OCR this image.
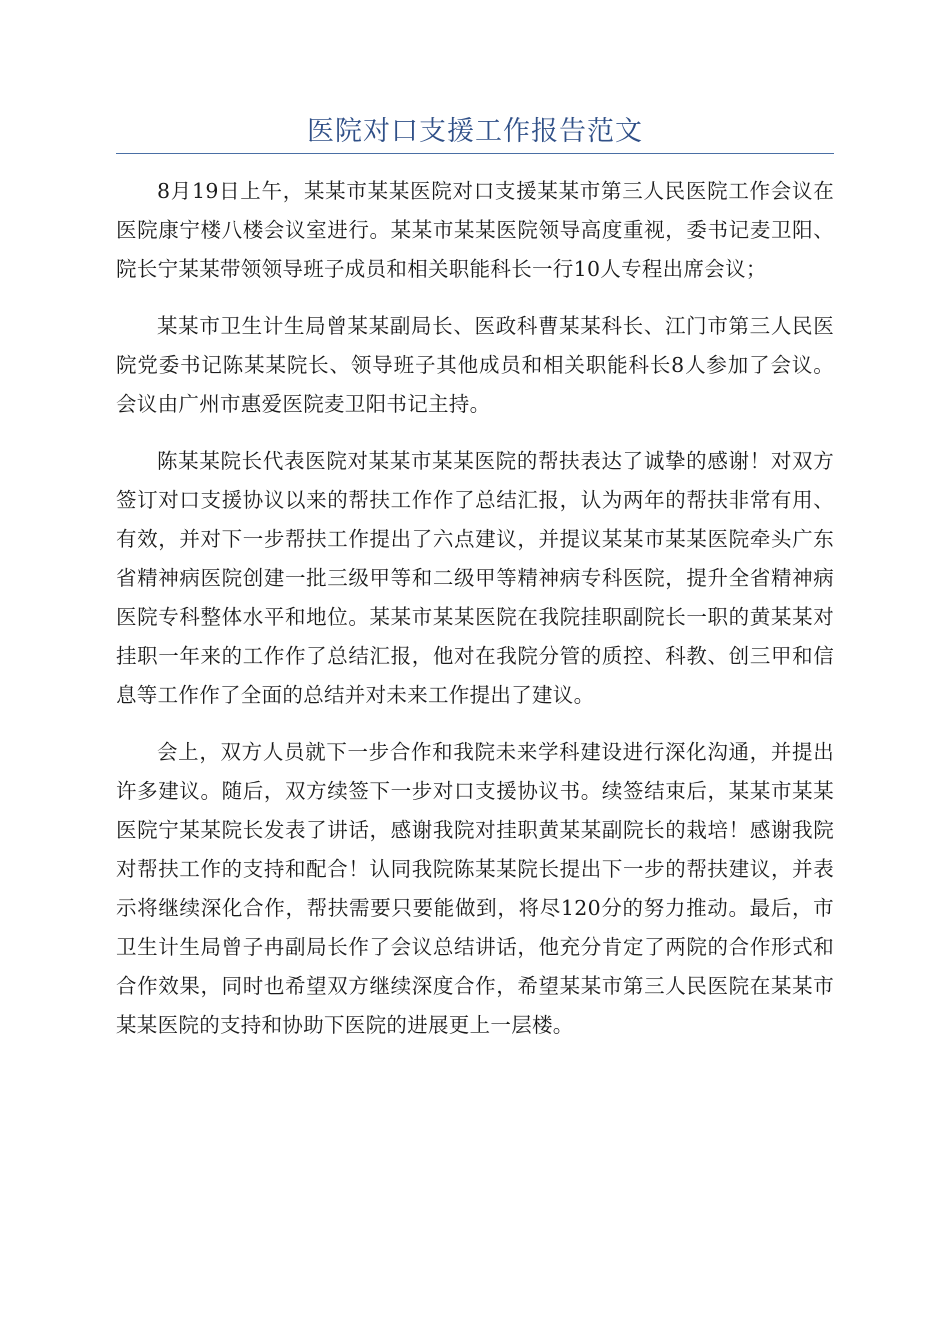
医院对口支援工作报告范文

8月19日上午，某某市某某医院对口支援某某市第三人民医院工作会议在医院康宁楼八楼会议室进行。某某市某某医院领导高度重视，委书记麦卫阳、院长宁某某带领领导班子成员和相关职能科长一行10人专程出席会议；

某某市卫生计生局曾某某副局长、医政科曹某某科长、江门市第三人民医院党委书记陈某某院长、领导班子其他成员和相关职能科长8人参加了会议。会议由广州市惠爱医院麦卫阳书记主持。

陈某某院长代表医院对某某市某某医院的帮扶表达了诚挚的感谢！对双方签订对口支援协议以来的帮扶工作作了总结汇报，认为两年的帮扶非常有用、有效，并对下一步帮扶工作提出了六点建议，并提议某某市某某医院牵头广东省精神病医院创建一批三级甲等和二级甲等精神病专科医院，提升全省精神病医院专科整体水平和地位。某某市某某医院在我院挂职副院长一职的黄某某对挂职一年来的工作作了总结汇报，他对在我院分管的质控、科教、创三甲和信息等工作作了全面的总结并对未来工作提出了建议。

会上，双方人员就下一步合作和我院未来学科建设进行深化沟通，并提出许多建议。随后，双方续签下一步对口支援协议书。续签结束后，某某市某某医院宁某某院长发表了讲话，感谢我院对挂职黄某某副院长的栽培！感谢我院对帮扶工作的支持和配合！认同我院陈某某院长提出下一步的帮扶建议，并表示将继续深化合作，帮扶需要只要能做到，将尽120分的努力推动。最后，市卫生计生局曾子冉副局长作了会议总结讲话，他充分肯定了两院的合作形式和合作效果，同时也希望双方继续深度合作，希望某某市第三人民医院在某某市某某医院的支持和协助下医院的进展更上一层楼。
